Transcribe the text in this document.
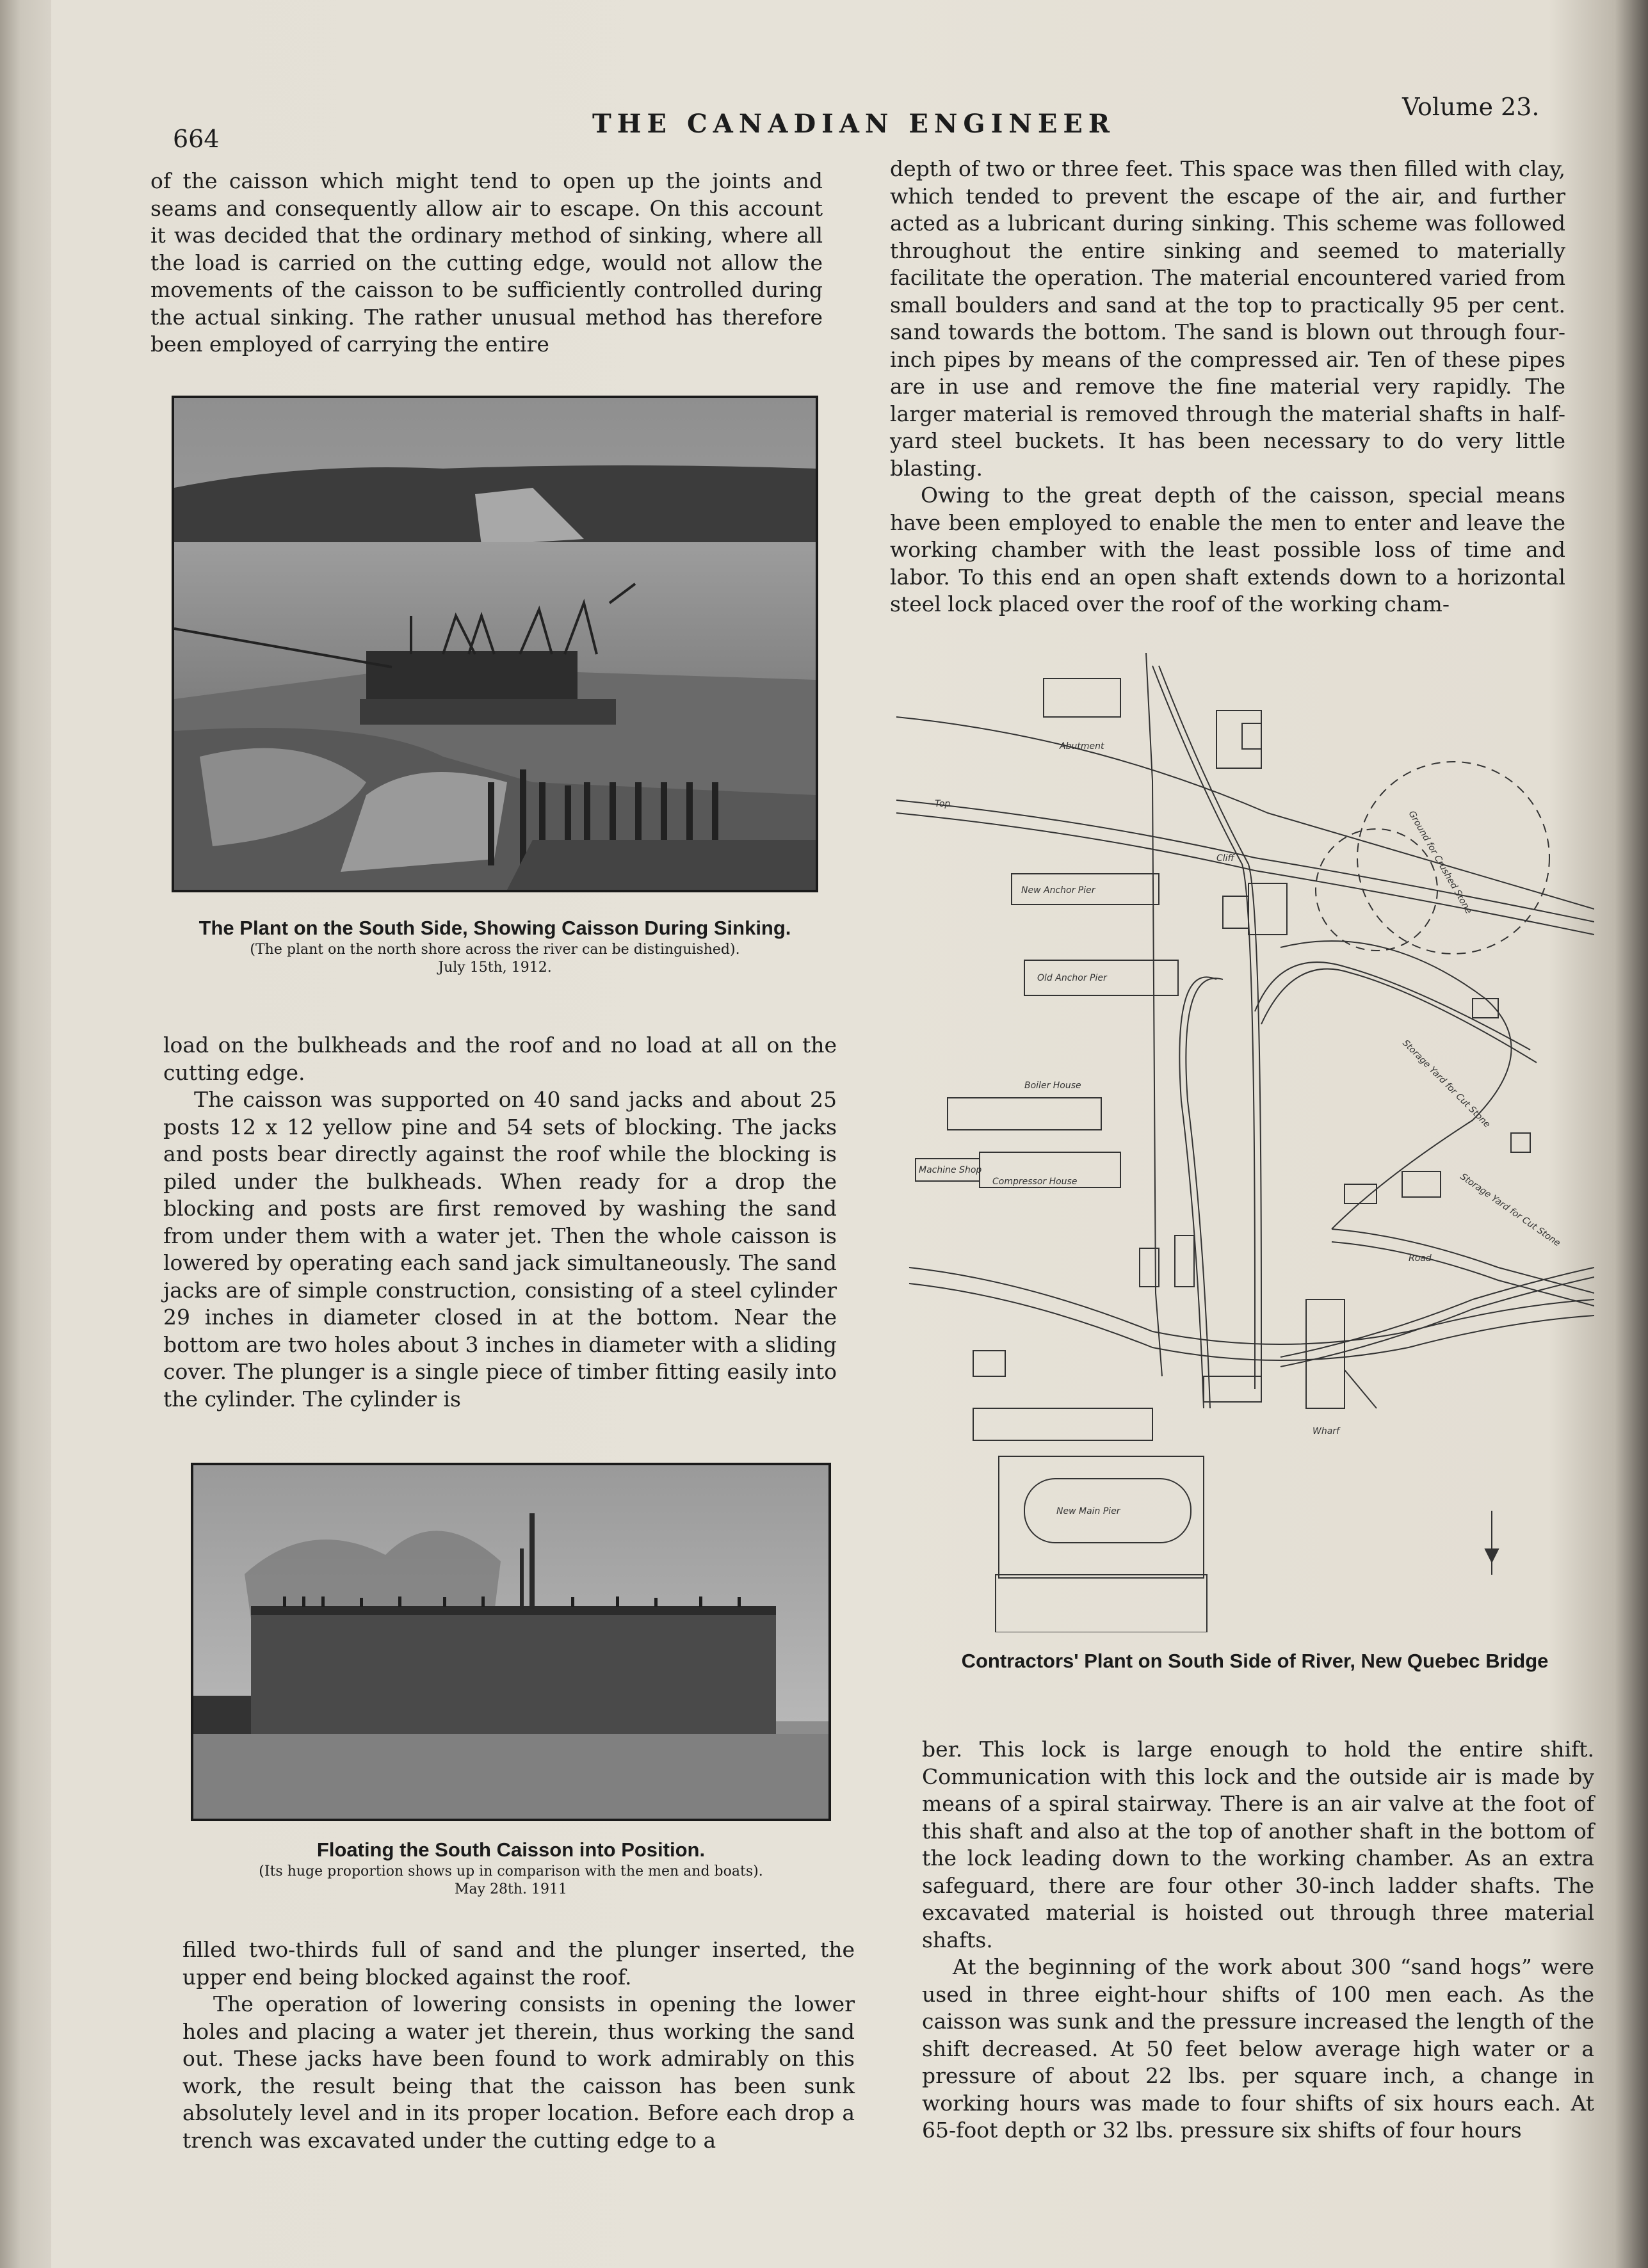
664	THE CANADIAN ENGINEER
Volume 23.

of the caisson which might tend to open up the joints and seams and consequently allow air to escape. On this account it was decided that the ordinary method of sinking, where all the load is carried on the cutting edge, would not allow the movements of the caisson to be sufficiently controlled during the actual sinking. The rather unusual method has therefore been employed of carrying the entire

The Plant on the South Side, Showing Caisson During Sinking.
(The plant on the north shore across the river can be distinguished).
July 15th, 1912.

load on the bulkheads and the roof and no load at all on the cutting edge.

The caisson was supported on 40 sand jacks and about 25 posts 12 x 12 yellow pine and 54 sets of blocking. The jacks and posts bear directly against the roof while the blocking is piled under the bulkheads. When ready for a drop the blocking and posts are first removed by washing the sand from under them with a water jet. Then the whole caisson is lowered by operating each sand jack simultaneously. The sand jacks are of simple construction, consisting of a steel cylinder 29 inches in diameter closed in at the bottom. Near the bottom are two holes about 3 inches in diameter with a sliding cover. The plunger is a single piece of timber fitting easily into the cylinder. The cylinder is

Floating the South Caisson into Position.
(Its huge proportion shows up in comparison with the men and boats).
May 28th. 1911

filled two-thirds full of sand and the plunger inserted, the upper end being blocked against the roof.

The operation of lowering consists in opening the lower holes and placing a water jet therein, thus working the sand out. These jacks have been found to work admirably on this work, the result being that the caisson has been sunk absolutely level and in its proper location. Before each drop a trench was excavated under the cutting edge to a

depth of two or three feet. This space was then filled with clay, which tended to prevent the escape of the air, and further acted as a lubricant during sinking. This scheme was followed throughout the entire sinking and seemed to materially facilitate the operation. The material encountered varied from small boulders and sand at the top to practically 95 per cent. sand towards the bottom. The sand is blown out through four-inch pipes by means of the compressed air. Ten of these pipes are in use and remove the fine material very rapidly. The larger material is removed through the material shafts in half-yard steel buckets. It has been necessary to do very little blasting.

Owing to the great depth of the caisson, special means have been employed to enable the men to enter and leave the working chamber with the least possible loss of time and labor. To this end an open shaft extends down to a horizontal steel lock placed over the roof of the working cham-

Abutment
Top
Cliff
New Anchor Pier
Old Anchor Pier
Boiler House
Machine Shop
Compressor House
New Main Pier
Wharf
Road
Storage Yard for Cut Stone
Storage Yard for Cut Stone
Ground for Crushed Stone
Contractors' Plant on South Side of River, New Quebec Bridge

ber. This lock is large enough to hold the entire shift. Communication with this lock and the outside air is made by means of a spiral stairway. There is an air valve at the foot of this shaft and also at the top of another shaft in the bottom of the lock leading down to the working chamber. As an extra safeguard, there are four other 30-inch ladder shafts. The excavated material is hoisted out through three material shafts.

At the beginning of the work about 300 “sand hogs” were used in three eight-hour shifts of 100 men each. As the caisson was sunk and the pressure increased the length of the shift decreased. At 50 feet below average high water or a pressure of about 22 lbs. per square inch, a change in working hours was made to four shifts of six hours each. At 65-foot depth or 32 lbs. pressure six shifts of four hours
